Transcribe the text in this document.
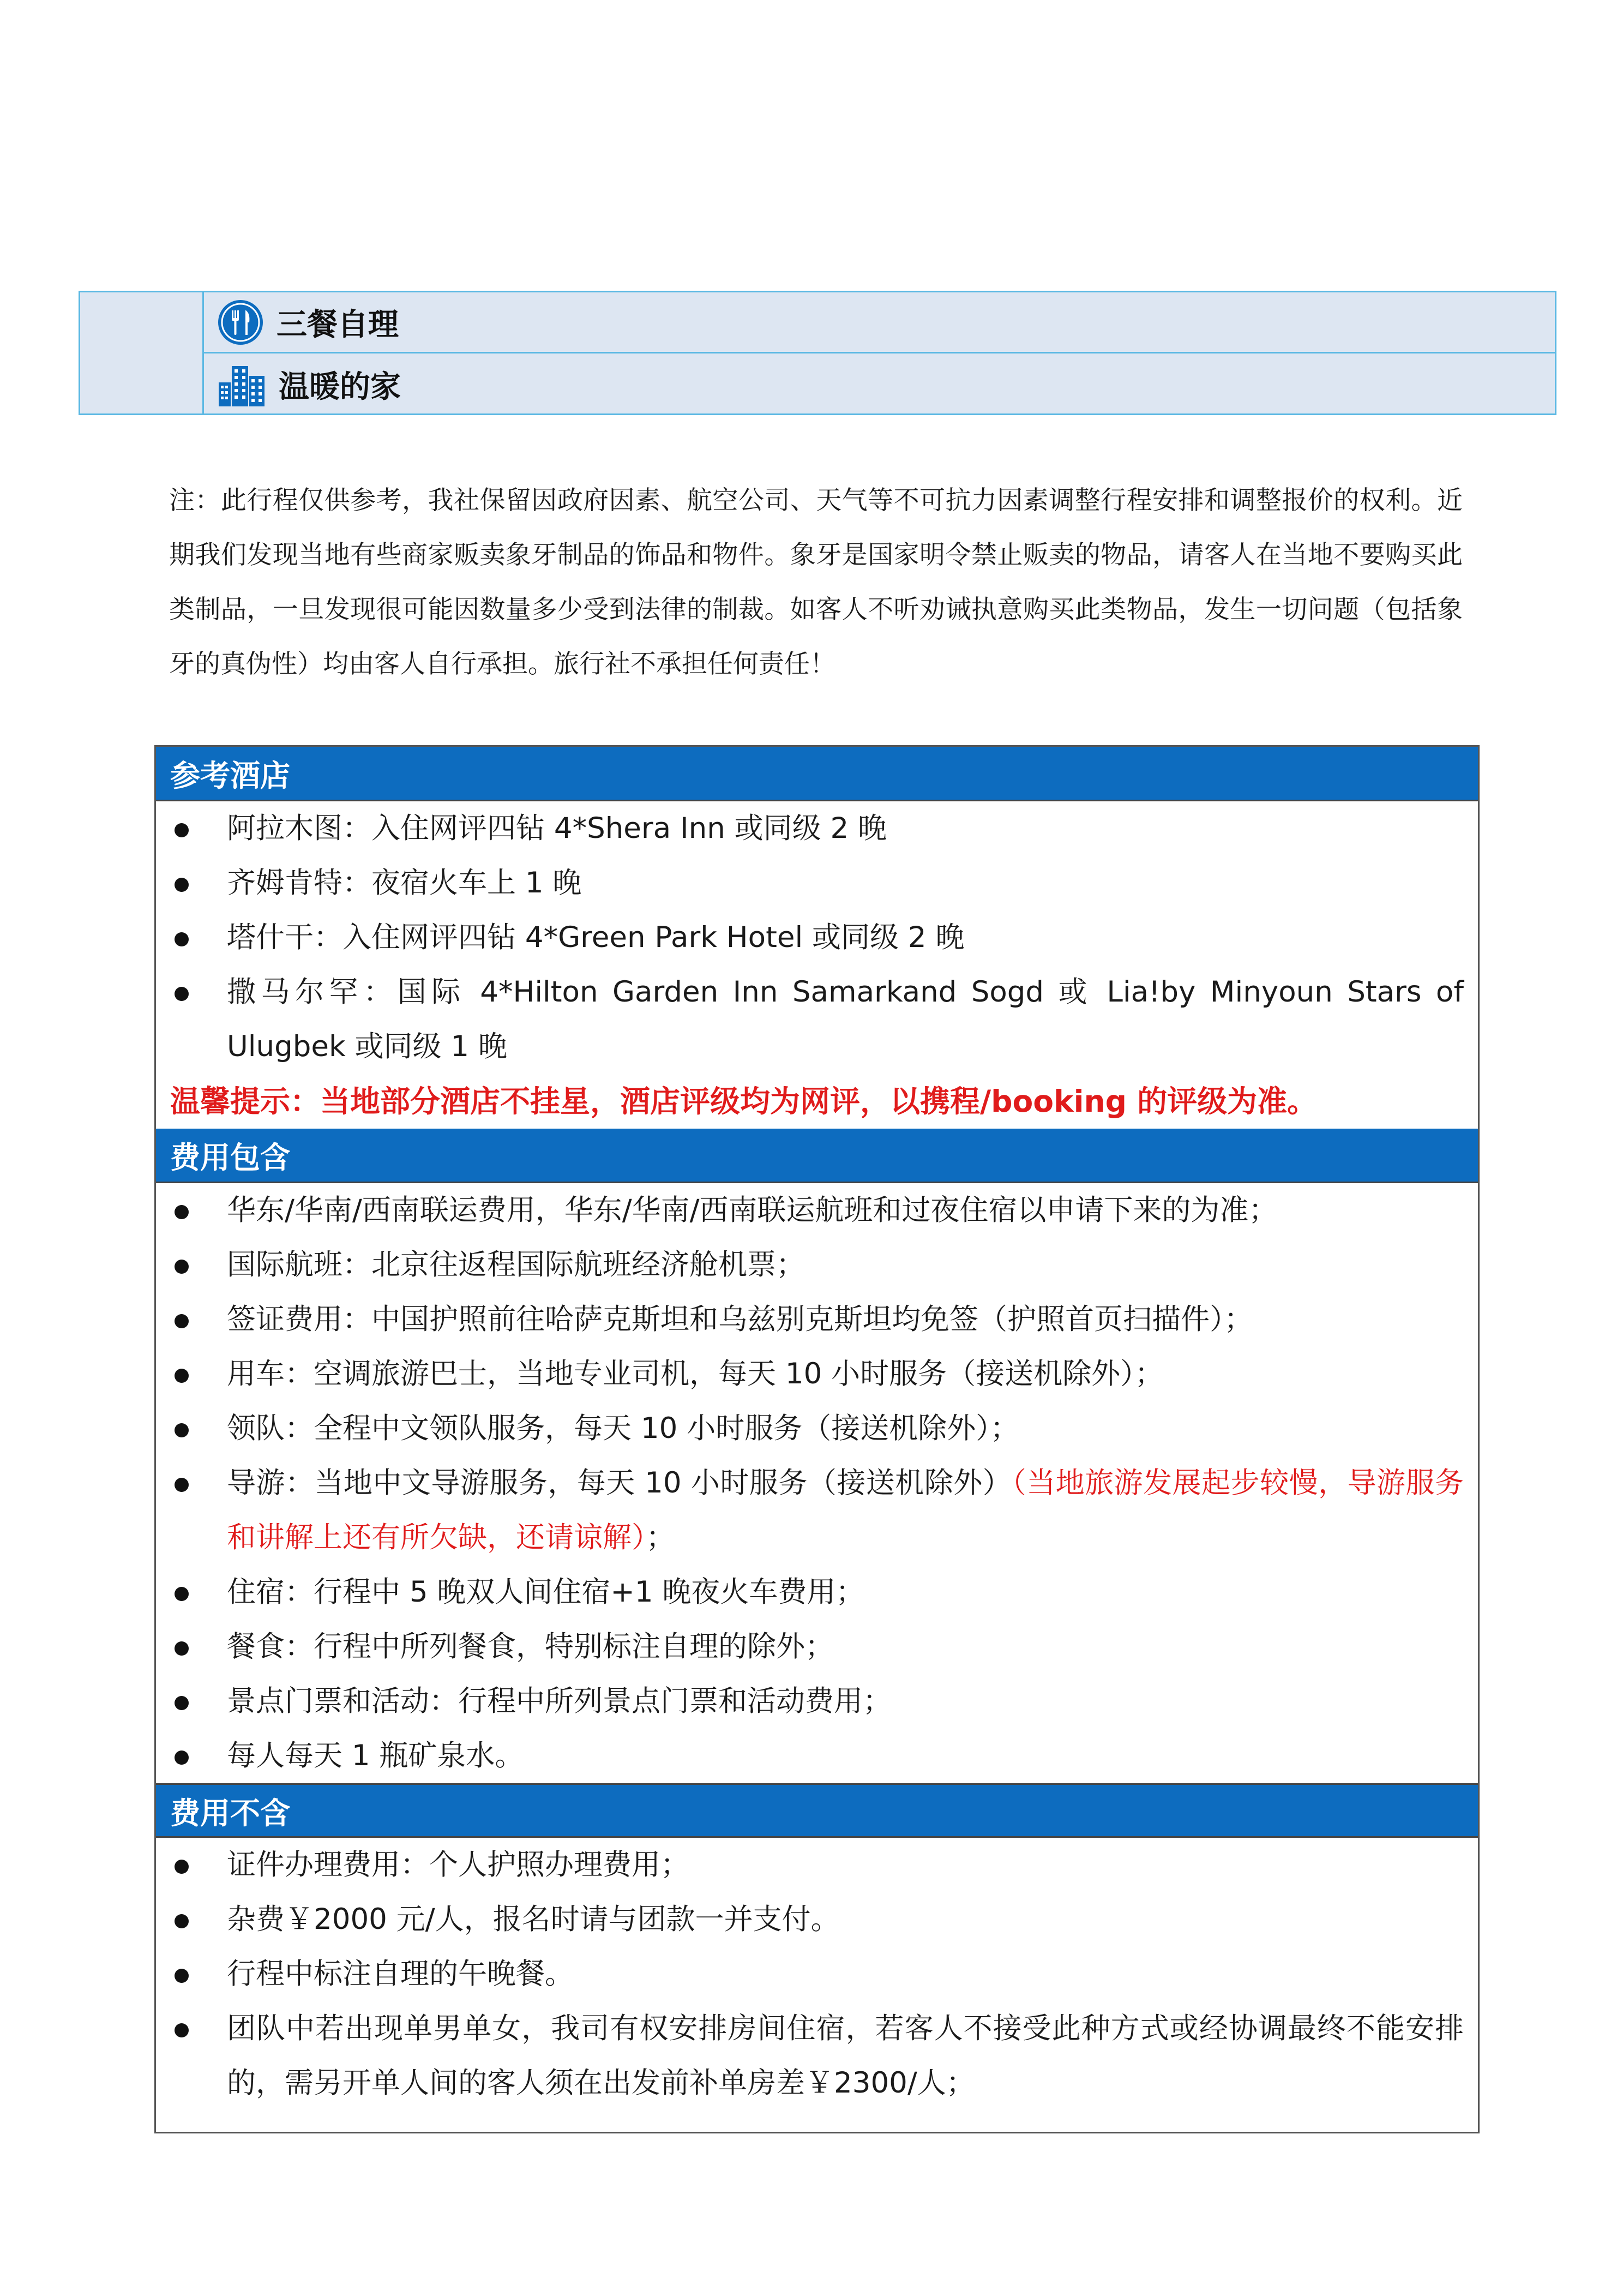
三餐自理
温暖的家
注：此行程仅供参考，我社保留因政府因素、航空公司、天气等不可抗力因素调整行程安排和调整报价的权利。近期我们发现当地有些商家贩卖象牙制品的饰品和物件。象牙是国家明令禁止贩卖的物品，请客人在当地不要购买此类制品，一旦发现很可能因数量多少受到法律的制裁。如客人不听劝诫执意购买此类物品，发生一切问题（包括象牙的真伪性）均由客人自行承担。旅行社不承担任何责任！
参考酒店
阿拉木图：入住网评四钻 4*Shera Inn 或同级 2 晚
齐姆肯特：夜宿火车上 1 晚
塔什干：入住网评四钻 4*Green Park Hotel 或同级 2 晚
撒马尔罕：国际 4*Hilton Garden Inn Samarkand Sogd 或 Lia!by Minyoun Stars of Ulugbek 或同级 1 晚
温馨提示：当地部分酒店不挂星，酒店评级均为网评，以携程/booking 的评级为准。
费用包含
华东/华南/西南联运费用，华东/华南/西南联运航班和过夜住宿以申请下来的为准；
国际航班：北京往返程国际航班经济舱机票；
签证费用：中国护照前往哈萨克斯坦和乌兹别克斯坦均免签（护照首页扫描件）；
用车：空调旅游巴士，当地专业司机，每天 10 小时服务（接送机除外）；
领队：全程中文领队服务，每天 10 小时服务（接送机除外）；
导游：当地中文导游服务，每天 10 小时服务（接送机除外）（当地旅游发展起步较慢，导游服务和讲解上还有所欠缺，还请谅解）；
住宿：行程中 5 晚双人间住宿+1 晚夜火车费用；
餐食：行程中所列餐食，特别标注自理的除外；
景点门票和活动：行程中所列景点门票和活动费用；
每人每天 1 瓶矿泉水。
费用不含
证件办理费用：个人护照办理费用；
杂费￥2000 元/人，报名时请与团款一并支付。
行程中标注自理的午晚餐。
团队中若出现单男单女，我司有权安排房间住宿，若客人不接受此种方式或经协调最终不能安排的，需另开单人间的客人须在出发前补单房差￥2300/人；
